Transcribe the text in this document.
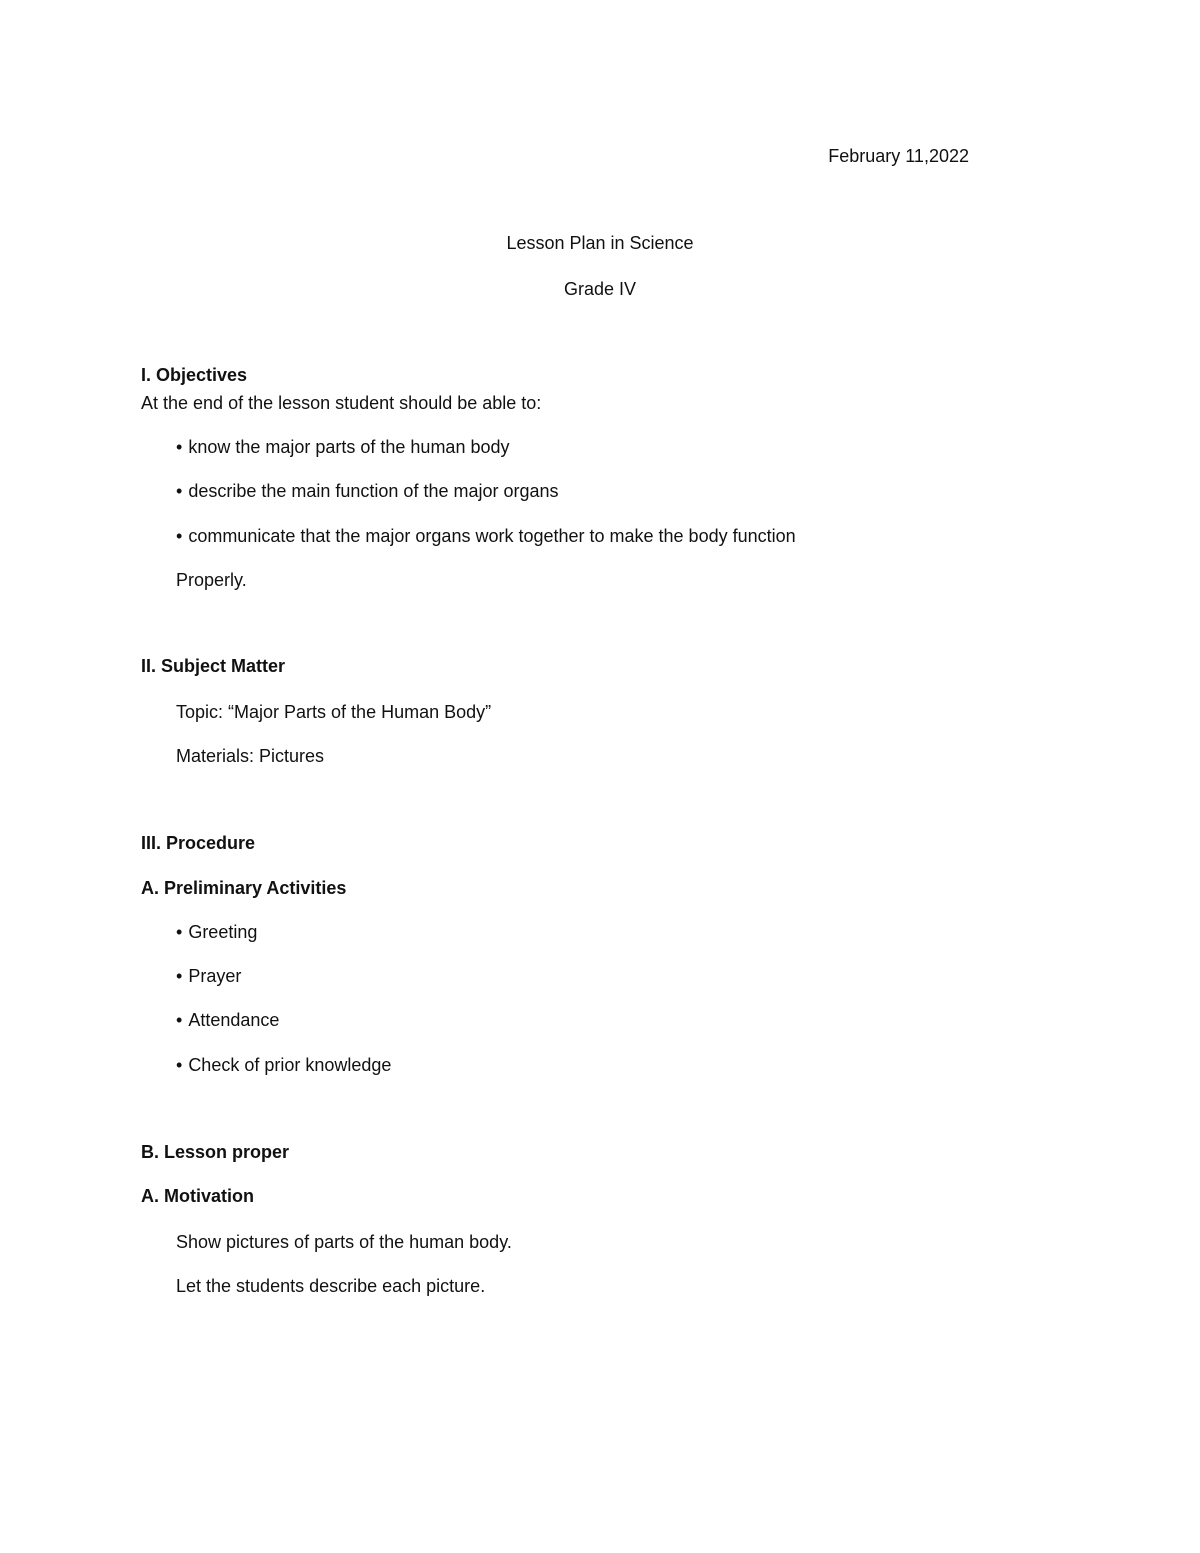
February 11,2022
Lesson Plan in Science
Grade IV
I. Objectives
At the end of the lesson student should be able to:
• know the major parts of the human body
• describe the main function of the major organs
• communicate that the major organs work together to make the body function
Properly.
II. Subject Matter
Topic: “Major Parts of the Human Body”
Materials: Pictures
III. Procedure
A. Preliminary Activities
• Greeting
• Prayer
• Attendance
• Check of prior knowledge
B. Lesson proper
A. Motivation
Show pictures of parts of the human body.
Let the students describe each picture.
